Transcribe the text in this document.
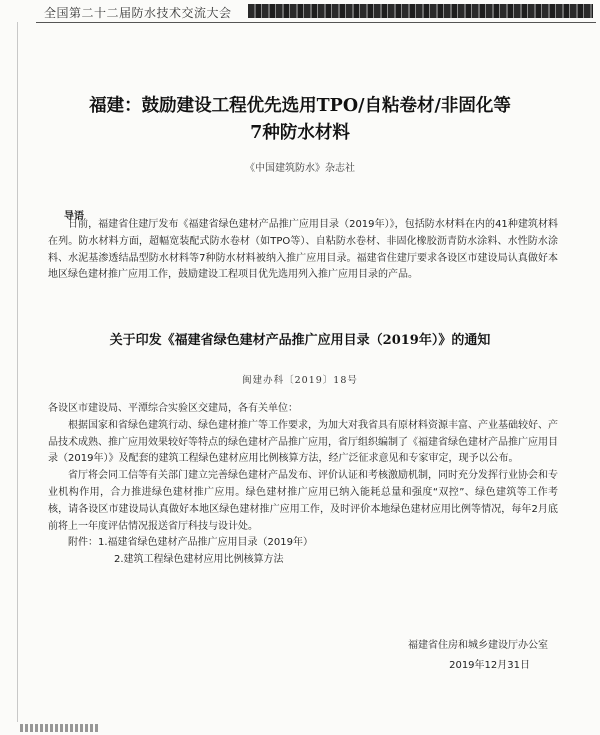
全国第二十二届防水技术交流大会
福建：鼓励建设工程优先选用TPO/自粘卷材/非固化等
7种防水材料
《中国建筑防水》杂志社
导语

日前，福建省住建厅发布《福建省绿色建材产品推广应用目录（2019年）》，包括防水材料在内的41种建筑材料在列。防水材料方面，超幅宽装配式防水卷材（如TPO等）、自粘防水卷材、非固化橡胶沥青防水涂料、水性防水涂料、水泥基渗透结晶型防水材料等7种防水材料被纳入推广应用目录。福建省住建厅要求各设区市建设局认真做好本地区绿色建材推广应用工作，鼓励建设工程项目优先选用列入推广应用目录的产品。

关于印发《福建省绿色建材产品推广应用目录（2019年）》的通知
闽建办科〔2019〕18号

各设区市建设局、平潭综合实验区交建局，各有关单位：

根据国家和省绿色建筑行动、绿色建材推广等工作要求，为加大对我省具有原材料资源丰富、产业基础较好、产品技术成熟、推广应用效果较好等特点的绿色建材产品推广应用，省厅组织编制了《福建省绿色建材产品推广应用目录（2019年）》及配套的建筑工程绿色建材应用比例核算方法，经广泛征求意见和专家审定，现予以公布。

省厅将会同工信等有关部门建立完善绿色建材产品发布、评价认证和考核激励机制，同时充分发挥行业协会和专业机构作用，合力推进绿色建材推广应用。绿色建材推广应用已纳入能耗总量和强度“双控”、绿色建筑等工作考核，请各设区市建设局认真做好本地区绿色建材推广应用工作，及时评价本地绿色建材应用比例等情况，每年2月底前将上一年度评估情况报送省厅科技与设计处。

附件：1.福建省绿色建材产品推广应用目录（2019年）
2.建筑工程绿色建材应用比例核算方法

福建省住房和城乡建设厅办公室
2019年12月31日
